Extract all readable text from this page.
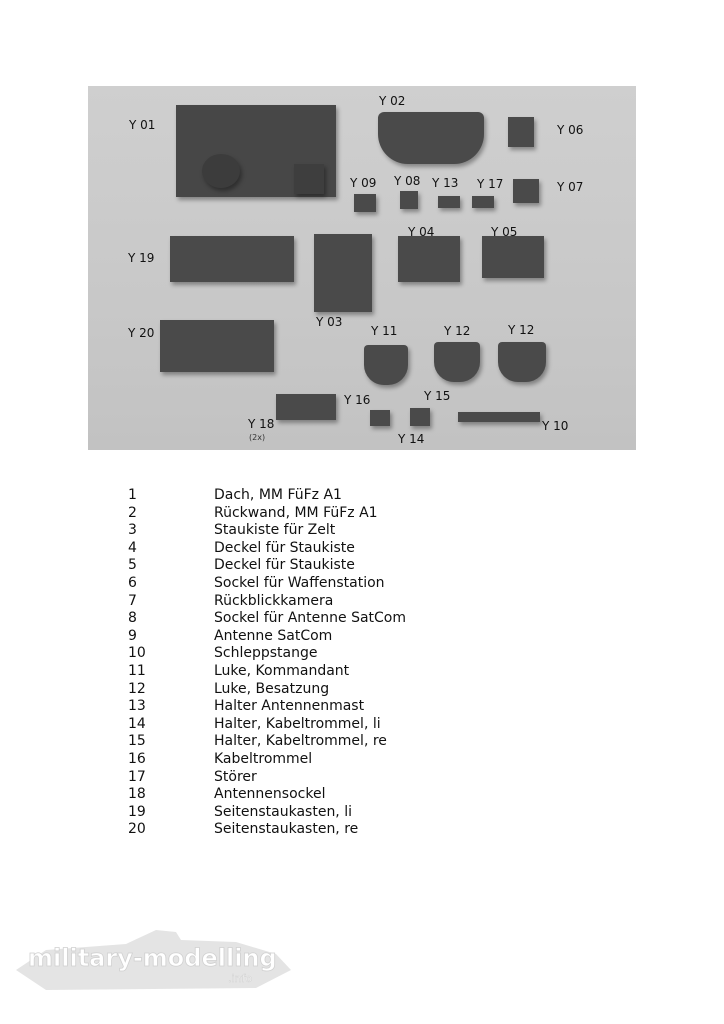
Y 01
Y 02
Y 06
Y 09 Y 08 Y 13 Y 17	Y 07
Y 04	Y 05
Y 19
Y 03
Y 20	Y 11	Y 12	Y 12
Y 15
Y 16
Y 18
(2x)
Y 10
Y 14
1	Dach, MM FüFz A1
2	Rückwand, MM FüFz A1
3	Staukiste für Zelt
4	Deckel für Staukiste
5	Deckel für Staukiste
6	Sockel für Waffenstation
7	Rückblickkamera
8	Sockel für Antenne SatCom
9	Antenne SatCom
10	Schleppstange
11	Luke, Kommandant
12	Luke, Besatzung
13	Halter Antennenmast
14	Halter, Kabeltrommel, li
15	Halter, Kabeltrommel, re
16	Kabeltrommel
17	Störer
18	Antennensockel
19	Seitenstaukasten, li
20	Seitenstaukasten, re
military-modelling
.info
